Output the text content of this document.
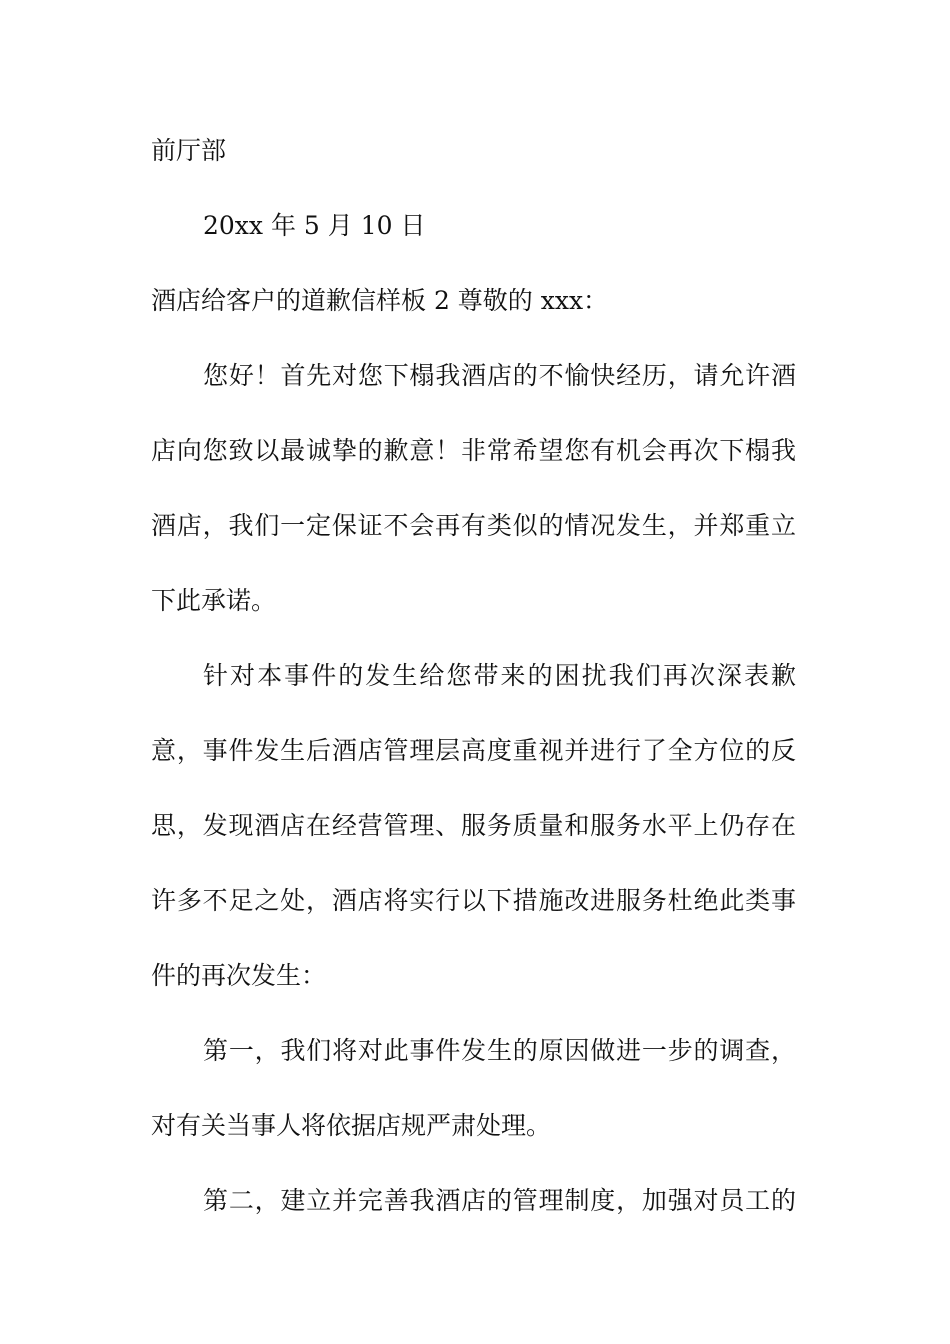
前厅部
20xx 年 5 月 10 日
酒店给客户的道歉信样板 2 尊敬的 xxx：
您好！首先对您下榻我酒店的不愉快经历，请允许酒
店向您致以最诚挚的歉意！非常希望您有机会再次下榻我
酒店，我们一定保证不会再有类似的情况发生，并郑重立
下此承诺。
针对本事件的发生给您带来的困扰我们再次深表歉
意，事件发生后酒店管理层高度重视并进行了全方位的反
思，发现酒店在经营管理、服务质量和服务水平上仍存在
许多不足之处，酒店将实行以下措施改进服务杜绝此类事
件的再次发生：
第一，我们将对此事件发生的原因做进一步的调查，
对有关当事人将依据店规严肃处理。
第二，建立并完善我酒店的管理制度，加强对员工的
